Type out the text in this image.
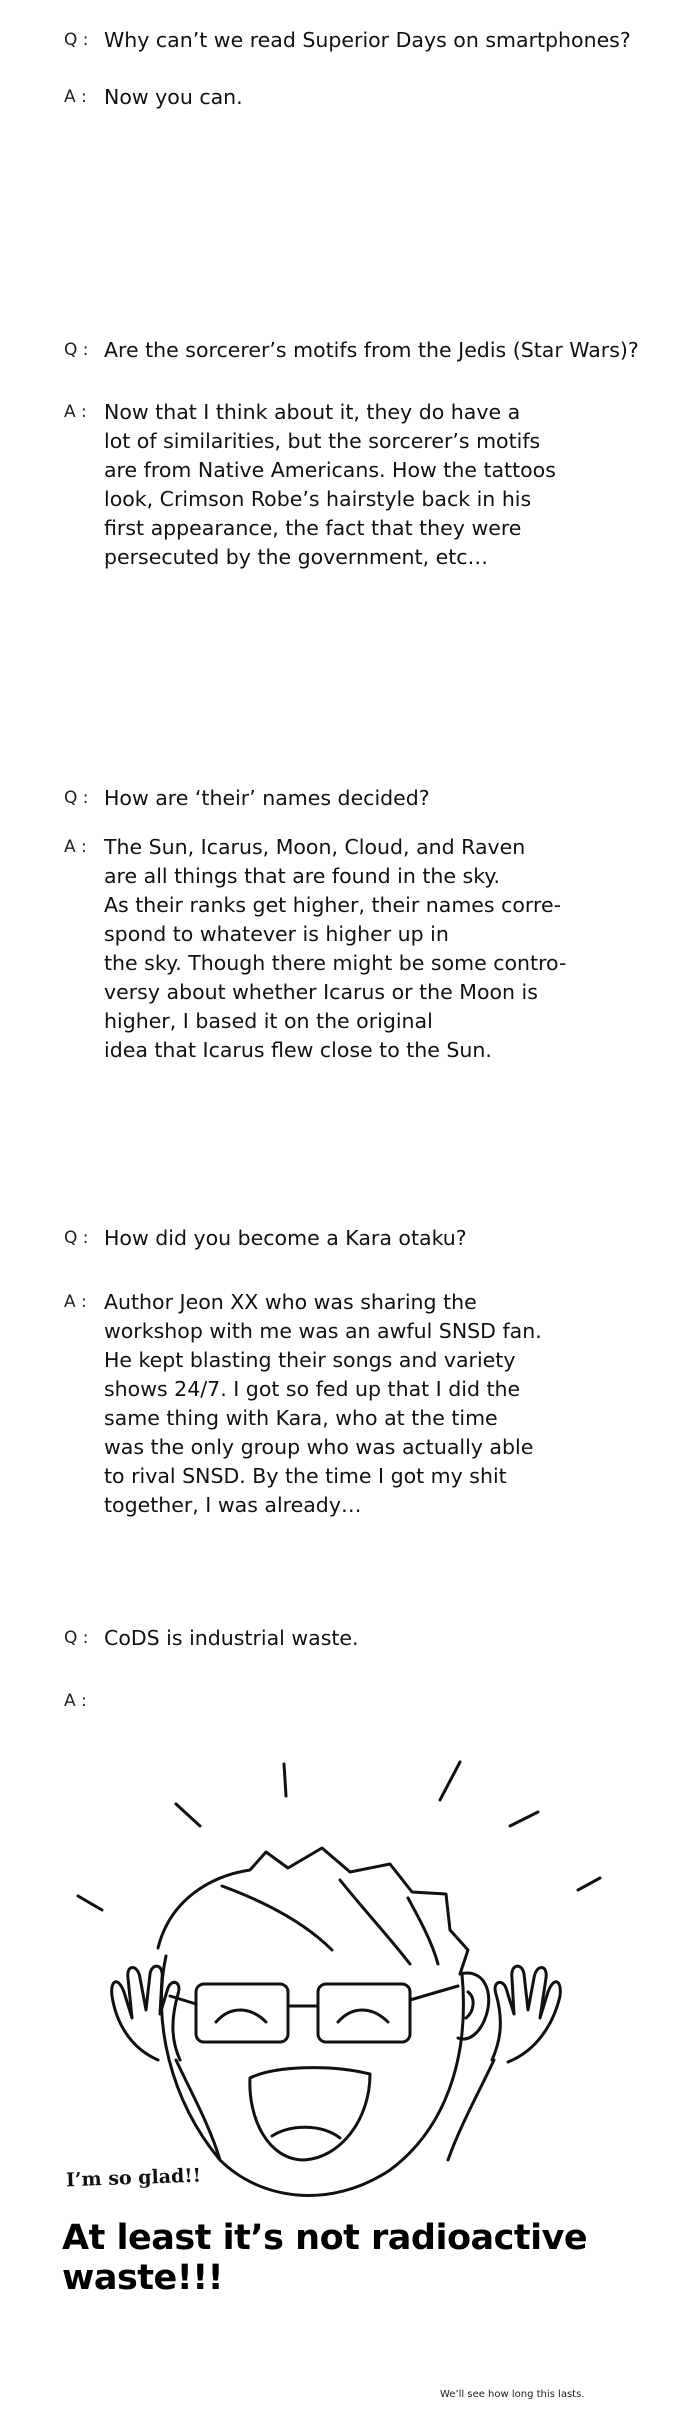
Q : Why can’t we read Superior Days on smartphones?
A : Now you can.
Q : Are the sorcerer’s motifs from the Jedis (Star Wars)?
A : Now that I think about it, they do have a
lot of similarities, but the sorcerer’s motifs
are from Native Americans. How the tattoos
look, Crimson Robe’s hairstyle back in his
first appearance, the fact that they were
persecuted by the government, etc…
Q : How are ‘their’ names decided?
A : The Sun, Icarus, Moon, Cloud, and Raven
are all things that are found in the sky.
As their ranks get higher, their names corre-
spond to whatever is higher up in
the sky. Though there might be some contro-
versy about whether Icarus or the Moon is
higher, I based it on the original
idea that Icarus flew close to the Sun.
Q : How did you become a Kara otaku?
A : Author Jeon XX who was sharing the
workshop with me was an awful SNSD fan.
He kept blasting their songs and variety
shows 24/7. I got so fed up that I did the
same thing with Kara, who at the time
was the only group who was actually able
to rival SNSD. By the time I got my shit
together, I was already…
Q : CoDS is industrial waste.
A :
I’m so glad!!
At least it’s not radioactive waste!!!
We’ll see how long this lasts.
